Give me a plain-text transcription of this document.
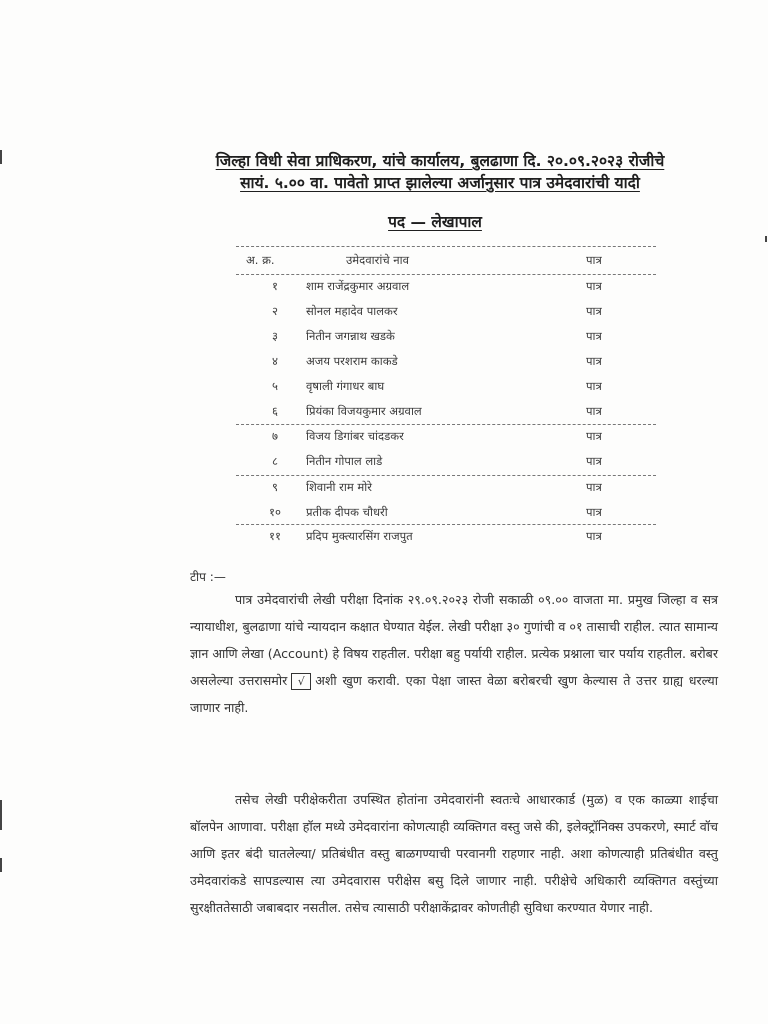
जिल्हा विधी सेवा प्राधिकरण, यांचे कार्यालय, बुलढाणा दि. २०.०९.२०२३ रोजीचे
सायं. ५.०० वा. पावेतो प्राप्त झालेल्या अर्जानुसार पात्र उमेदवारांची यादी
पद — लेखापाल
अ. क्र.	उमेदवारांचे नाव	पात्र
१	शाम राजेंद्रकुमार अग्रवाल	पात्र
२	सोनल महादेव पालकर	पात्र
३	नितीन जगन्नाथ खडके	पात्र
४	अजय परशराम काकडे	पात्र
५	वृषाली गंगाधर बाघ	पात्र
६	प्रियंका विजयकुमार अग्रवाल	पात्र
७	विजय डिगांबर चांदडकर	पात्र
८	नितीन गोपाल लाडे	पात्र
९	शिवानी राम मोरे	पात्र
१०	प्रतीक दीपक चौधरी	पात्र
११	प्रदिप मुक्त्यारसिंग राजपुत	पात्र
टीप :—
पात्र उमेदवारांची लेखी परीक्षा दिनांक २९.०९.२०२३ रोजी सकाळी ०९.०० वाजता मा. प्रमुख जिल्हा व सत्र न्यायाधीश, बुलढाणा यांचे न्यायदान कक्षात घेण्यात येईल. लेखी परीक्षा ३० गुणांची व ०१ तासाची राहील. त्यात सामान्य ज्ञान आणि लेखा (Account) हे विषय राहतील. परीक्षा बहु पर्यायी राहील. प्रत्येक प्रश्नाला चार पर्याय राहतील. बरोबर असलेल्या उत्तरासमोर √ अशी खुण करावी. एका पेक्षा जास्त वेळा बरोबरची खुण केल्यास ते उत्तर ग्राह्य धरल्या जाणार नाही.
तसेच लेखी परीक्षेकरीता उपस्थित होतांना उमेदवारांनी स्वतःचे आधारकार्ड (मुळ) व एक काळ्या शाईचा बॉलपेन आणावा. परीक्षा हॉल मध्ये उमेदवारांना कोणत्याही व्यक्तिगत वस्तु जसे की, इलेक्ट्रॉनिक्स उपकरणे, स्मार्ट वॉच आणि इतर बंदी घातलेल्या/ प्रतिबंधीत वस्तु बाळगण्याची परवानगी राहणार नाही. अशा कोणत्याही प्रतिबंधीत वस्तु उमेदवारांकडे सापडल्यास त्या उमेदवारास परीक्षेस बसु दिले जाणार नाही. परीक्षेचे अधिकारी व्यक्तिगत वस्तुंच्या सुरक्षीततेसाठी जबाबदार नसतील. तसेच त्यासाठी परीक्षाकेंद्रावर कोणतीही सुविधा करण्यात येणार नाही.
